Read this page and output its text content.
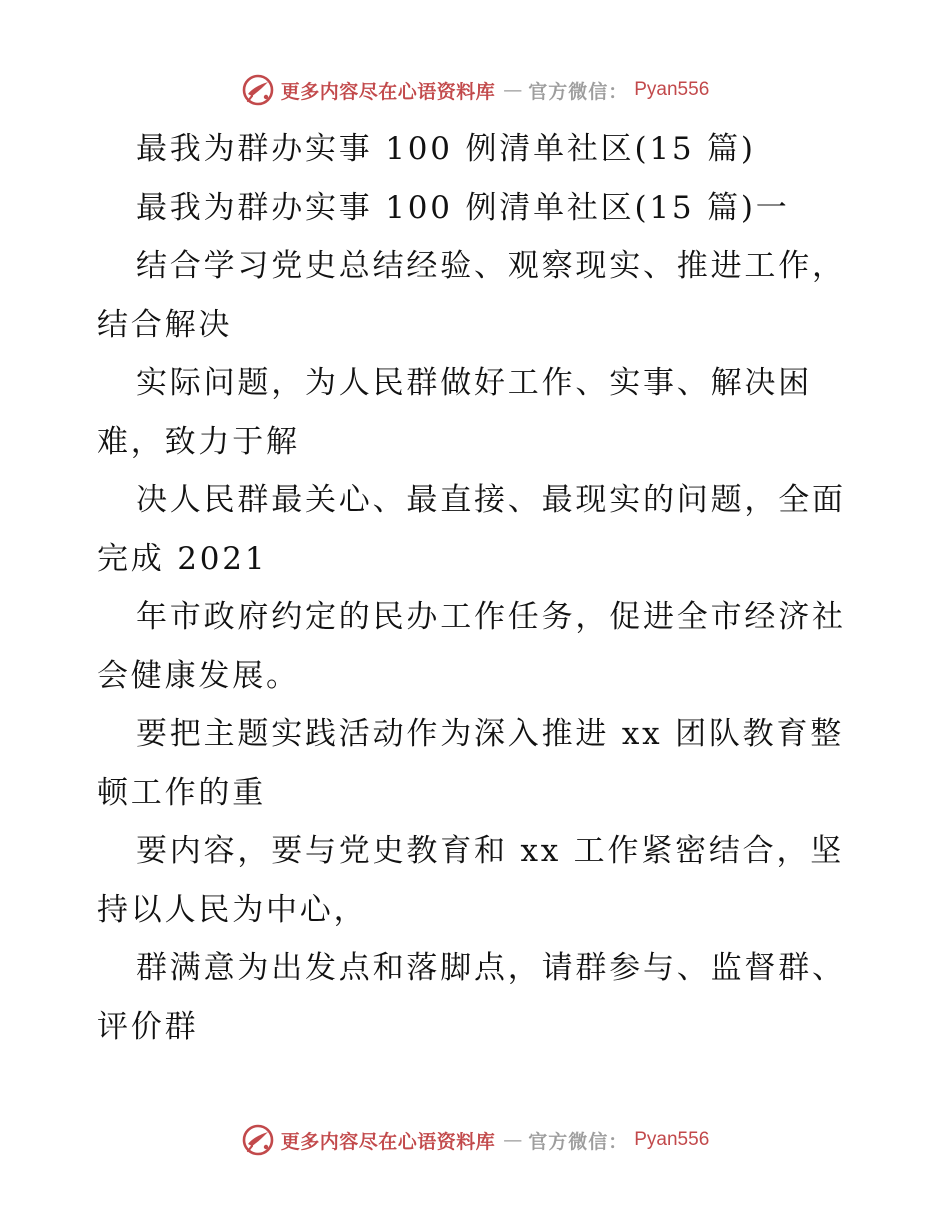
更多内容尽在心语资料库 — 官方微信： Pyan556
最我为群办实事 100 例清单社区(15 篇)
最我为群办实事 100 例清单社区(15 篇)一
结合学习党史总结经验、观察现实、推进工作，
结合解决
实际问题，为人民群做好工作、实事、解决困
难，致力于解
决人民群最关心、最直接、最现实的问题，全面
完成 2021
年市政府约定的民办工作任务，促进全市经济社
会健康发展。
要把主题实践活动作为深入推进 xx 团队教育整
顿工作的重
要内容，要与党史教育和 xx 工作紧密结合，坚
持以人民为中心，
群满意为出发点和落脚点，请群参与、监督群、
评价群
更多内容尽在心语资料库 — 官方微信： Pyan556
